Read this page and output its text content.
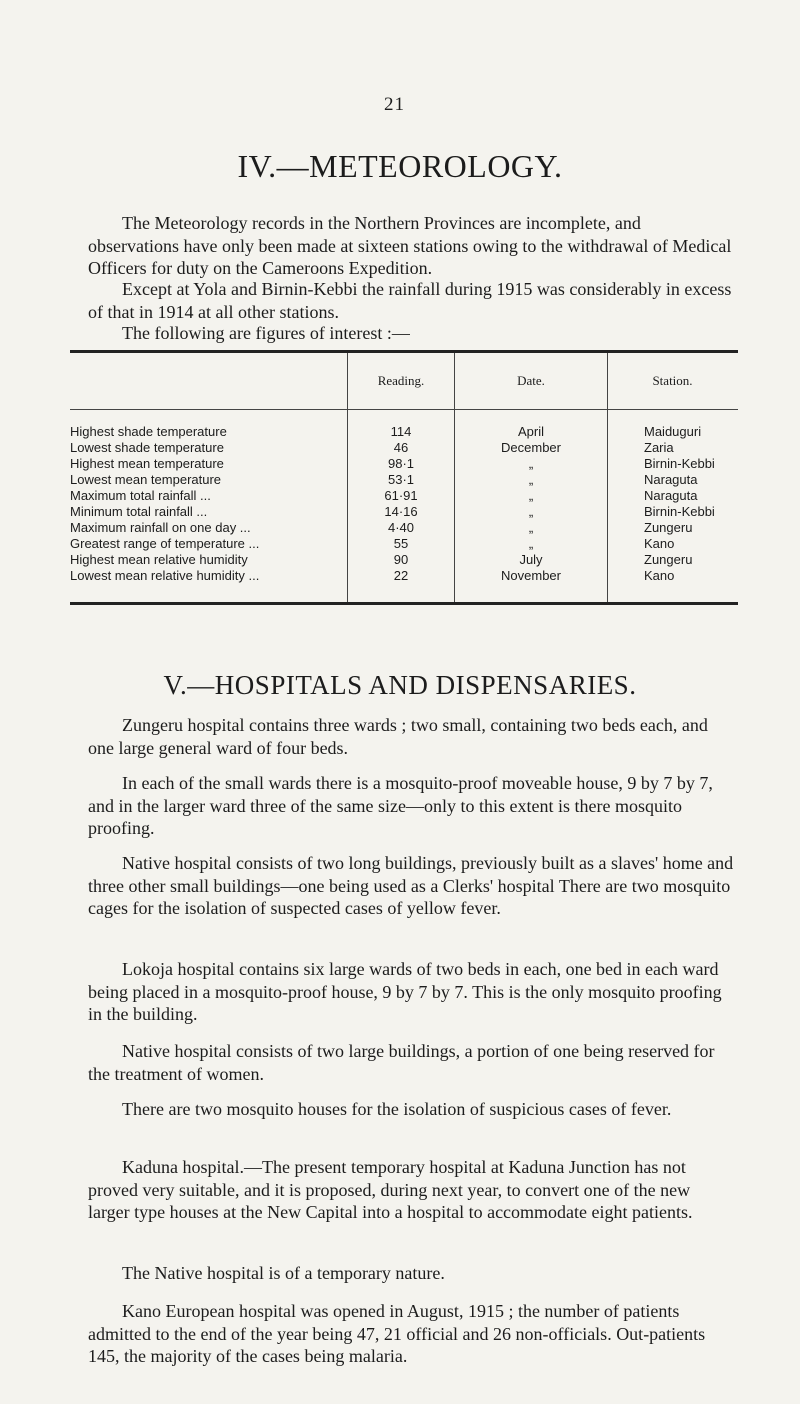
21
IV.—METEOROLOGY.

The Meteorology records in the Northern Provinces are incomplete, and observations have only been made at sixteen stations owing to the withdrawal of Medical Officers for duty on the Cameroons Expedition.

Except at Yola and Birnin-Kebbi the rainfall during 1915 was considerably in excess of that in 1914 at all other stations.

The following are figures of interest :—

	Reading.	Date.	Station.
Highest shade temperature	114	April	Maiduguri
Lowest shade temperature	46	December	Zaria
Highest mean temperature	98·1	„	Birnin-Kebbi
Lowest mean temperature	53·1	„	Naraguta
Maximum total rainfall ...	61·91	„	Naraguta
Minimum total rainfall ...	14·16	„	Birnin-Kebbi
Maximum rainfall on one day ...	4·40	„	Zungeru
Greatest range of temperature ...	55	„	Kano
Highest mean relative humidity	90	July	Zungeru
Lowest mean relative humidity ...	22	November	Kano
V.—HOSPITALS AND DISPENSARIES.

Zungeru hospital contains three wards ; two small, containing two beds each, and one large general ward of four beds.

In each of the small wards there is a mosquito-proof moveable house, 9 by 7 by 7, and in the larger ward three of the same size—only to this extent is there mosquito proofing.

Native hospital consists of two long buildings, previously built as a slaves' home and three other small buildings—one being used as a Clerks' hospital There are two mosquito cages for the isolation of suspected cases of yellow fever.

Lokoja hospital contains six large wards of two beds in each, one bed in each ward being placed in a mosquito-proof house, 9 by 7 by 7. This is the only mosquito proofing in the building.

Native hospital consists of two large buildings, a portion of one being reserved for the treatment of women.

There are two mosquito houses for the isolation of suspicious cases of fever.

Kaduna hospital.—The present temporary hospital at Kaduna Junction has not proved very suitable, and it is proposed, during next year, to convert one of the new larger type houses at the New Capital into a hospital to accommodate eight patients.

The Native hospital is of a temporary nature.

Kano European hospital was opened in August, 1915 ; the number of patients admitted to the end of the year being 47, 21 official and 26 non-officials. Out-patients 145, the majority of the cases being malaria.
